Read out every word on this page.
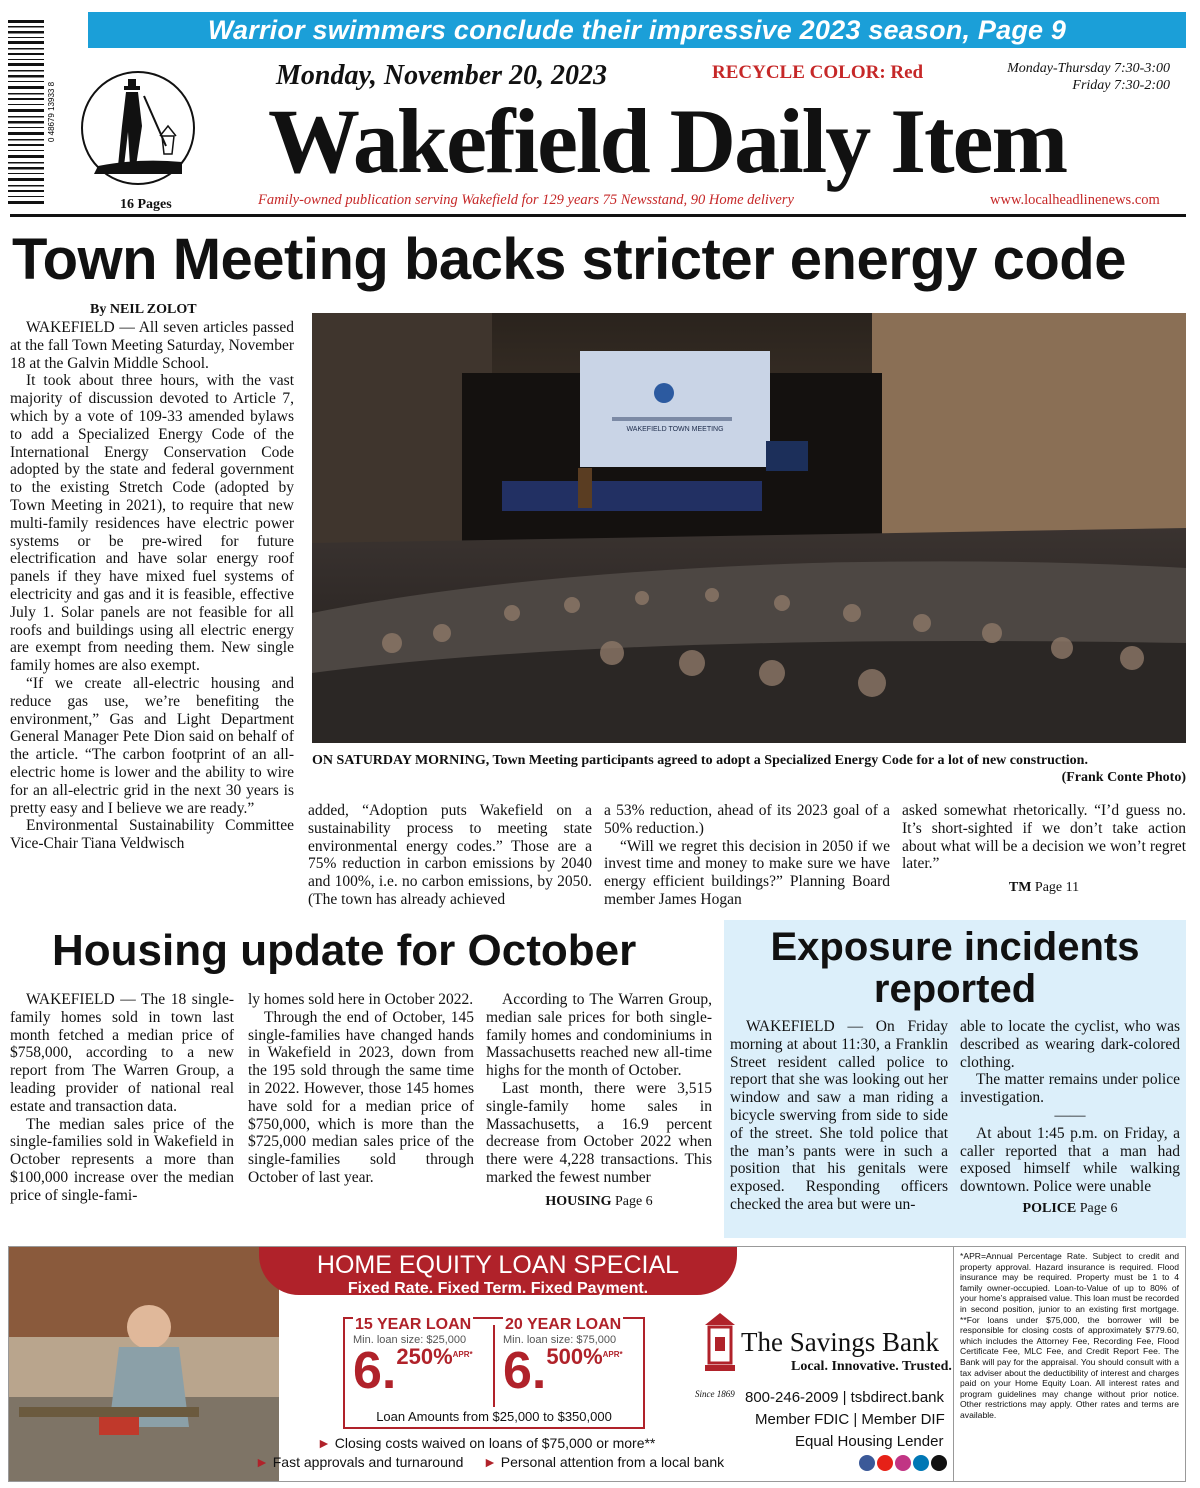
Warrior swimmers conclude their impressive 2023 season, Page 9
0 48679 13933 8
16 Pages
Monday, November 20, 2023	RECYCLE COLOR: Red	Monday-Thursday 7:30-3:00
Friday 7:30-2:00
Wakefield Daily Item
Family-owned publication serving Wakefield for 129 years 75 Newsstand, 90 Home delivery	www.localheadlinenews.com
Town Meeting backs stricter energy code
By NEIL ZOLOT

WAKEFIELD — All seven articles passed at the fall Town Meeting Saturday, November 18 at the Galvin Middle School.

It took about three hours, with the vast majority of discussion devoted to Article 7, which by a vote of 109-33 amended bylaws to add a Specialized Energy Code of the International Energy Conservation Code adopted by the state and federal government to the existing Stretch Code (adopted by Town Meeting in 2021), to require that new multi-family residences have electric power systems or be pre-wired for future electrification and have solar energy roof panels if they have mixed fuel systems of electricity and gas and it is feasible, effective July 1. Solar panels are not feasible for all roofs and buildings using all electric energy are exempt from needing them. New single family homes are also exempt.

“If we create all-electric housing and reduce gas use, we’re benefiting the environment,” Gas and Light Department General Manager Pete Dion said on behalf of the article. “The carbon footprint of an all-electric home is lower and the ability to wire for an all-electric grid in the next 30 years is pretty easy and I believe we are ready.”

Environmental Sustainability Committee Vice-Chair Tiana Veldwisch

WAKEFIELD TOWN MEETING
ON SATURDAY MORNING, Town Meeting participants agreed to adopt a Specialized Energy Code for a lot of new construction.
(Frank Conte Photo)

added, “Adoption puts Wakefield on a sustainability process to meeting state environmental energy codes.” Those are a 75% reduction in carbon emissions by 2040 and 100%, i.e. no carbon emissions, by 2050. (The town has already achieved

a 53% reduction, ahead of its 2023 goal of a 50% reduction.)

“Will we regret this decision in 2050 if we invest time and money to make sure we have energy efficient buildings?” Planning Board member James Hogan

asked somewhat rhetorically. “I’d guess no. It’s short-sighted if we don’t take action about what will be a decision we won’t regret later.”

TM Page 11
Housing update for October

WAKEFIELD — The 18 single-family homes sold in town last month fetched a median price of $758,000, according to a new report from The Warren Group, a leading provider of national real estate and transaction data.

The median sales price of the single-families sold in Wakefield in October represents a more than $100,000 increase over the median price of single-fami-

ly homes sold here in October 2022.

Through the end of October, 145 single-families have changed hands in Wakefield in 2023, down from the 195 sold through the same time in 2022. However, those 145 homes have sold for a median price of $750,000, which is more than the $725,000 median sales price of the single-families sold through October of last year.

According to The Warren Group, median sale prices for both single-family homes and condominiums in Massachusetts reached new all-time highs for the month of October.

Last month, there were 3,515 single-family home sales in Massachusetts, a 16.9 percent decrease from October 2022 when there were 4,228 transactions. This marked the fewest number

HOUSING Page 6
Exposure incidents reported

WAKEFIELD — On Friday morning at about 11:30, a Franklin Street resident called police to report that she was looking out her window and saw a man riding a bicycle swerving from side to side of the street. She told police that the man’s pants were in such a position that his genitals were exposed. Responding officers checked the area but were un-

able to locate the cyclist, who was described as wearing dark-colored clothing.

The matter remains under police investigation.

——

At about 1:45 p.m. on Friday, a caller reported that a man had exposed himself while walking downtown. Police were unable

POLICE Page 6
HOME EQUITY LOAN SPECIAL
Fixed Rate. Fixed Term. Fixed Payment.
15 YEAR LOAN
Min. loan size: $25,000
6.250%$^{APR*}$
20 YEAR LOAN
Min. loan size: $75,000
6.500%$^{APR*}$
Loan Amounts from $25,000 to $350,000
► Closing costs waived on loans of $75,000 or more**
► Fast approvals and turnaround ► Personal attention from a local bank
Since 1869
The Savings Bank
Local. Innovative. Trusted.
800-246-2009 | tsbdirect.bank
Member FDIC | Member DIF
Equal Housing Lender
*APR=Annual Percentage Rate. Subject to credit and property approval. Hazard insurance is required. Flood insurance may be required. Property must be 1 to 4 family owner-occupied. Loan-to-Value of up to 80% of your home’s appraised value. This loan must be recorded in second position, junior to an existing first mortgage. **For loans under $75,000, the borrower will be responsible for closing costs of approximately $779.60, which includes the Attorney Fee, Recording Fee, Flood Certificate Fee, MLC Fee, and Credit Report Fee. The Bank will pay for the appraisal. You should consult with a tax adviser about the deductibility of interest and charges paid on your Home Equity Loan. All interest rates and program guidelines may change without prior notice. Other restrictions may apply. Other rates and terms are available.
